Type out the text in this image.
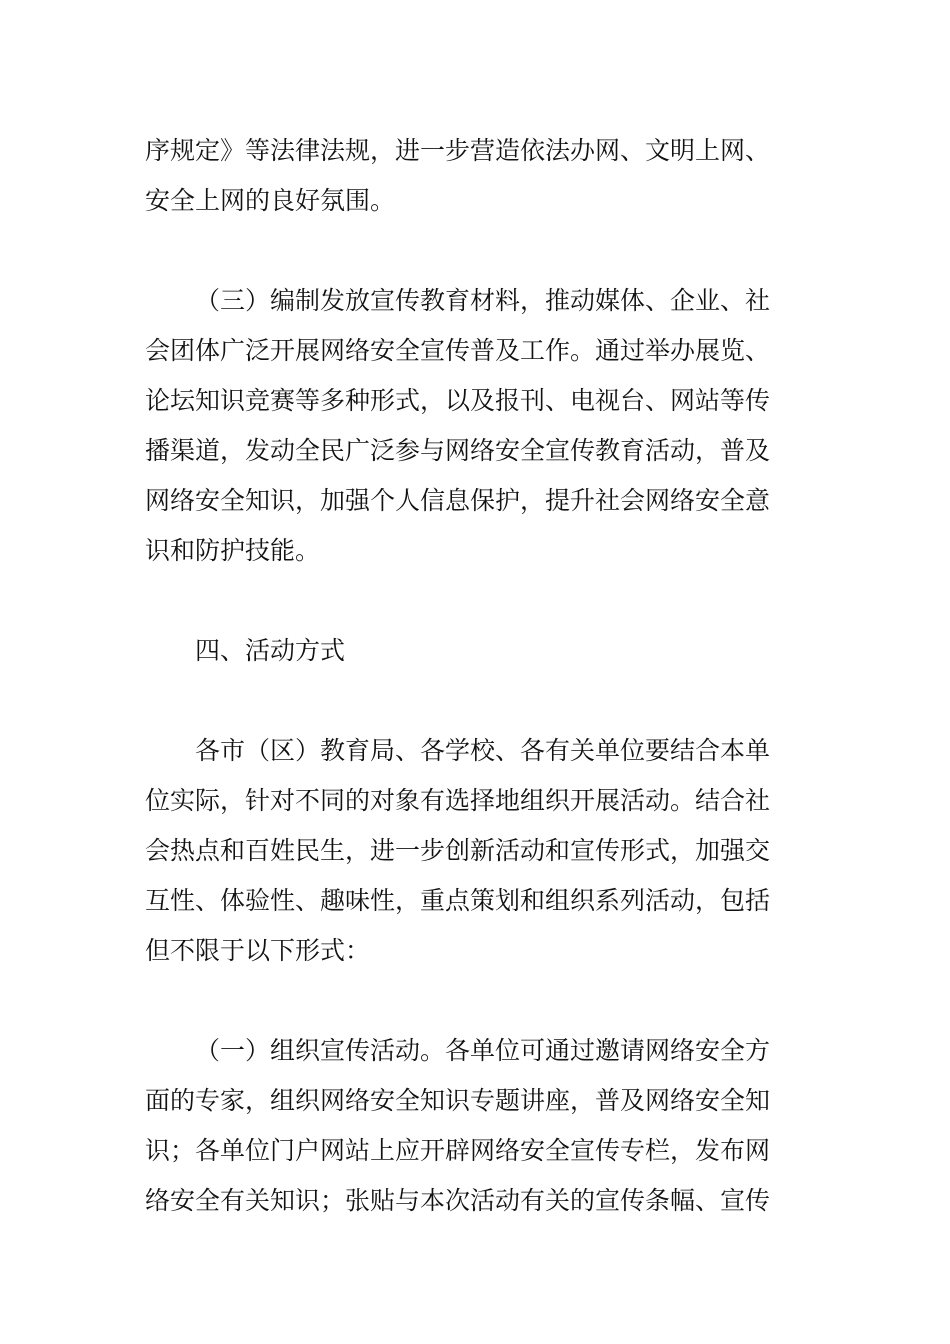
序规定》等法律法规，进一步营造依法办网、文明上网、
安全上网的良好氛围。
（三）编制发放宣传教育材料，推动媒体、企业、社
会团体广泛开展网络安全宣传普及工作。通过举办展览、
论坛知识竞赛等多种形式，以及报刊、电视台、网站等传
播渠道，发动全民广泛参与网络安全宣传教育活动，普及
网络安全知识，加强个人信息保护，提升社会网络安全意
识和防护技能。
四、活动方式
各市（区）教育局、各学校、各有关单位要结合本单
位实际，针对不同的对象有选择地组织开展活动。结合社
会热点和百姓民生，进一步创新活动和宣传形式，加强交
互性、体验性、趣味性，重点策划和组织系列活动，包括
但不限于以下形式：
（一）组织宣传活动。各单位可通过邀请网络安全方
面的专家，组织网络安全知识专题讲座，普及网络安全知
识；各单位门户网站上应开辟网络安全宣传专栏，发布网
络安全有关知识；张贴与本次活动有关的宣传条幅、宣传
